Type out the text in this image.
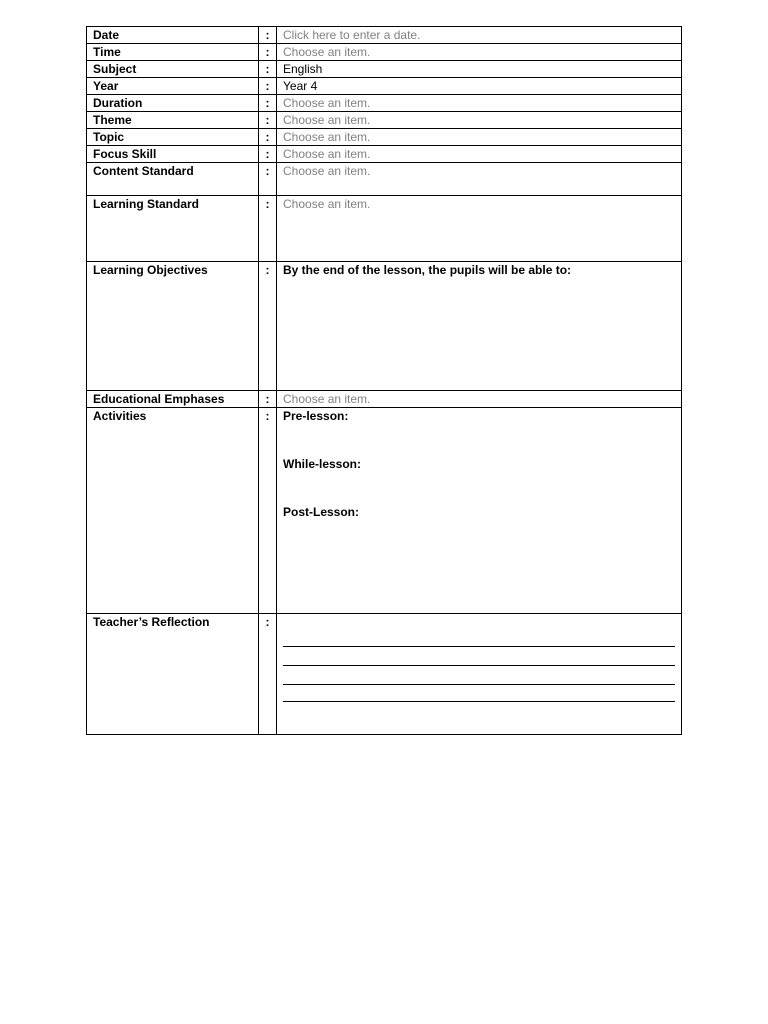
Date	:	Click here to enter a date.
Time	:	Choose an item.
Subject	:	English
Year	:	Year 4
Duration	:	Choose an item.
Theme	:	Choose an item.
Topic	:	Choose an item.
Focus Skill	:	Choose an item.
Content Standard	:	Choose an item.
Learning Standard	:	Choose an item.
Learning Objectives	:	By the end of the lesson, the pupils will be able to:
Educational Emphases	:	Choose an item.
Activities	:	Pre-lesson:
While-lesson:
Post-Lesson:

Teacher’s Reflection	:	
